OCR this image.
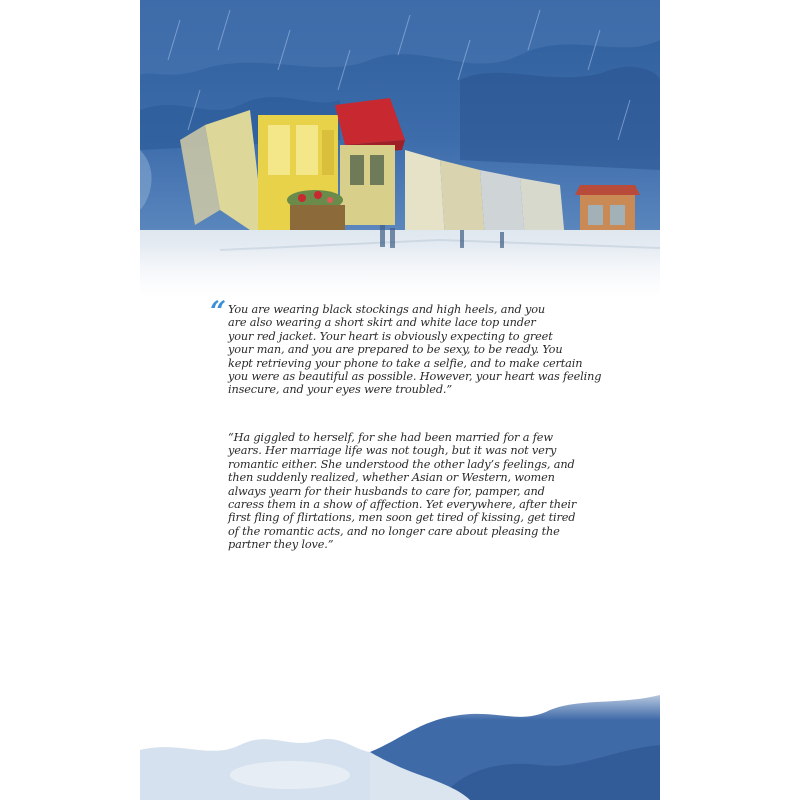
“ You are wearing black stockings and high heels, and you
are also wearing a short skirt and white lace top under
your red jacket. Your heart is obviously expecting to greet
your man, and you are prepared to be sexy, to be ready. You
kept retrieving your phone to take a selfie, and to make certain
you were as beautiful as possible. However, your heart was feeling
insecure, and your eyes were troubled.”
“Ha giggled to herself, for she had been married for a few
years. Her marriage life was not tough, but it was not very
romantic either. She understood the other lady’s feelings, and
then suddenly realized, whether Asian or Western, women
always yearn for their husbands to care for, pamper, and
caress them in a show of affection. Yet everywhere, after their
first fling of flirtations, men soon get tired of kissing, get tired
of the romantic acts, and no longer care about pleasing the
partner they love.”
